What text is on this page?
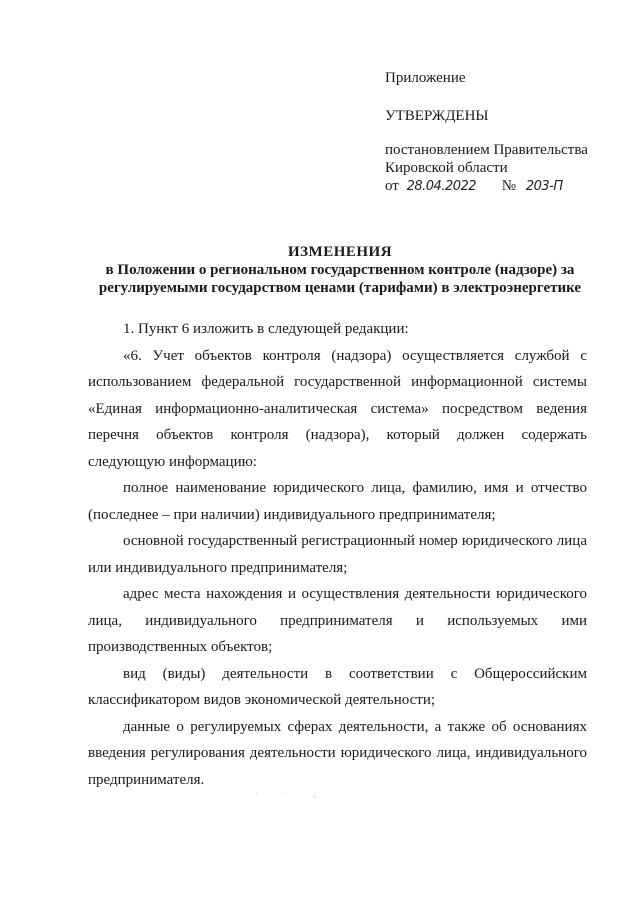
Приложение
УТВЕРЖДЕНЫ
постановлением Правительства
Кировской области
от 28.04.2022 № 203-П
ИЗМЕНЕНИЯ
в Положении о региональном государственном контроле (надзоре) за
регулируемыми государством ценами (тарифами) в электроэнергетике

1. Пункт 6 изложить в следующей редакции:

«6. Учет объектов контроля (надзора) осуществляется службой с использованием федеральной государственной информационной системы «Единая информационно-аналитическая система» посредством ведения перечня объектов контроля (надзора), который должен содержать следующую информацию:

полное наименование юридического лица, фамилию, имя и отчество (последнее – при наличии) индивидуального предпринимателя;

основной государственный регистрационный номер юридического лица или индивидуального предпринимателя;

адрес места нахождения и осуществления деятельности юридического лица, индивидуального предпринимателя и используемых ими производственных объектов;

вид (виды) деятельности в соответствии с Общероссийским классификатором видов экономической деятельности;

данные о регулируемых сферах деятельности, а также об основаниях введения регулирования деятельности юридического лица, индивидуального предпринимателя.

· · ,
